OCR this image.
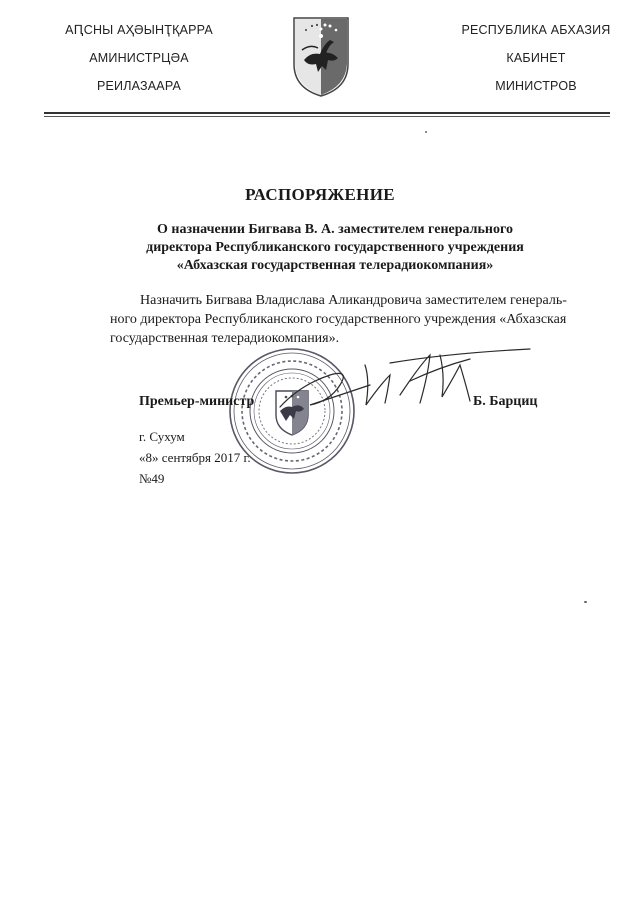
АԤСНЫ АҲӘЫНҬҚАРРА
АМИНИСТРЦӘА
РЕИЛАЗААРА
РЕСПУБЛИКА АБХАЗИЯ
КАБИНЕТ
МИНИСТРОВ
РАСПОРЯЖЕНИЕ
О назначении Бигвава В. А. заместителем генерального
директора Республиканского государственного учреждения
«Абхазская государственная телерадиокомпания»
Назначить Бигвава Владислава Аликандровича заместителем генераль-
ного директора Республиканского государственного учреждения «Абхазская
государственная телерадиокомпания».
Премьер-министр	Б. Барциц
г. Сухум
«8» сентября 2017 г.
№49
